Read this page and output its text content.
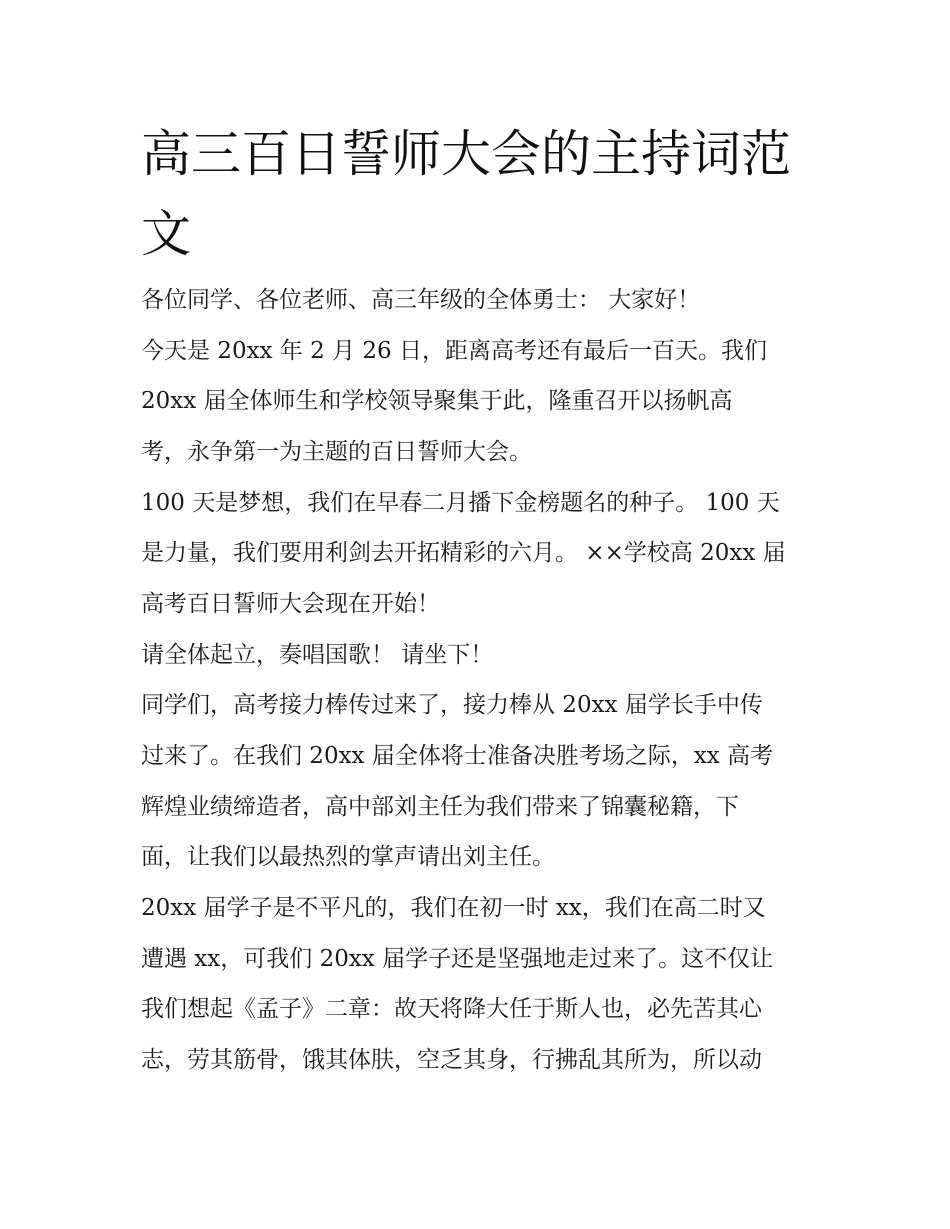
高三百日誓师大会的主持词范文
各位同学、各位老师、高三年级的全体勇士： 大家好！
今天是 20xx 年 2 月 26 日，距离高考还有最后一百天。我们
20xx 届全体师生和学校领导聚集于此，隆重召开以扬帆高
考，永争第一为主题的百日誓师大会。
100 天是梦想，我们在早春二月播下金榜题名的种子。 100 天
是力量，我们要用利剑去开拓精彩的六月。 ××学校高 20xx 届
高考百日誓师大会现在开始！
请全体起立，奏唱国歌！ 请坐下！
同学们，高考接力棒传过来了，接力棒从 20xx 届学长手中传
过来了。在我们 20xx 届全体将士准备决胜考场之际，xx 高考
辉煌业绩缔造者，高中部刘主任为我们带来了锦囊秘籍，下
面，让我们以最热烈的掌声请出刘主任。
20xx 届学子是不平凡的，我们在初一时 xx，我们在高二时又
遭遇 xx，可我们 20xx 届学子还是坚强地走过来了。这不仅让
我们想起《孟子》二章：故天将降大任于斯人也，必先苦其心
志，劳其筋骨，饿其体肤，空乏其身，行拂乱其所为，所以动
